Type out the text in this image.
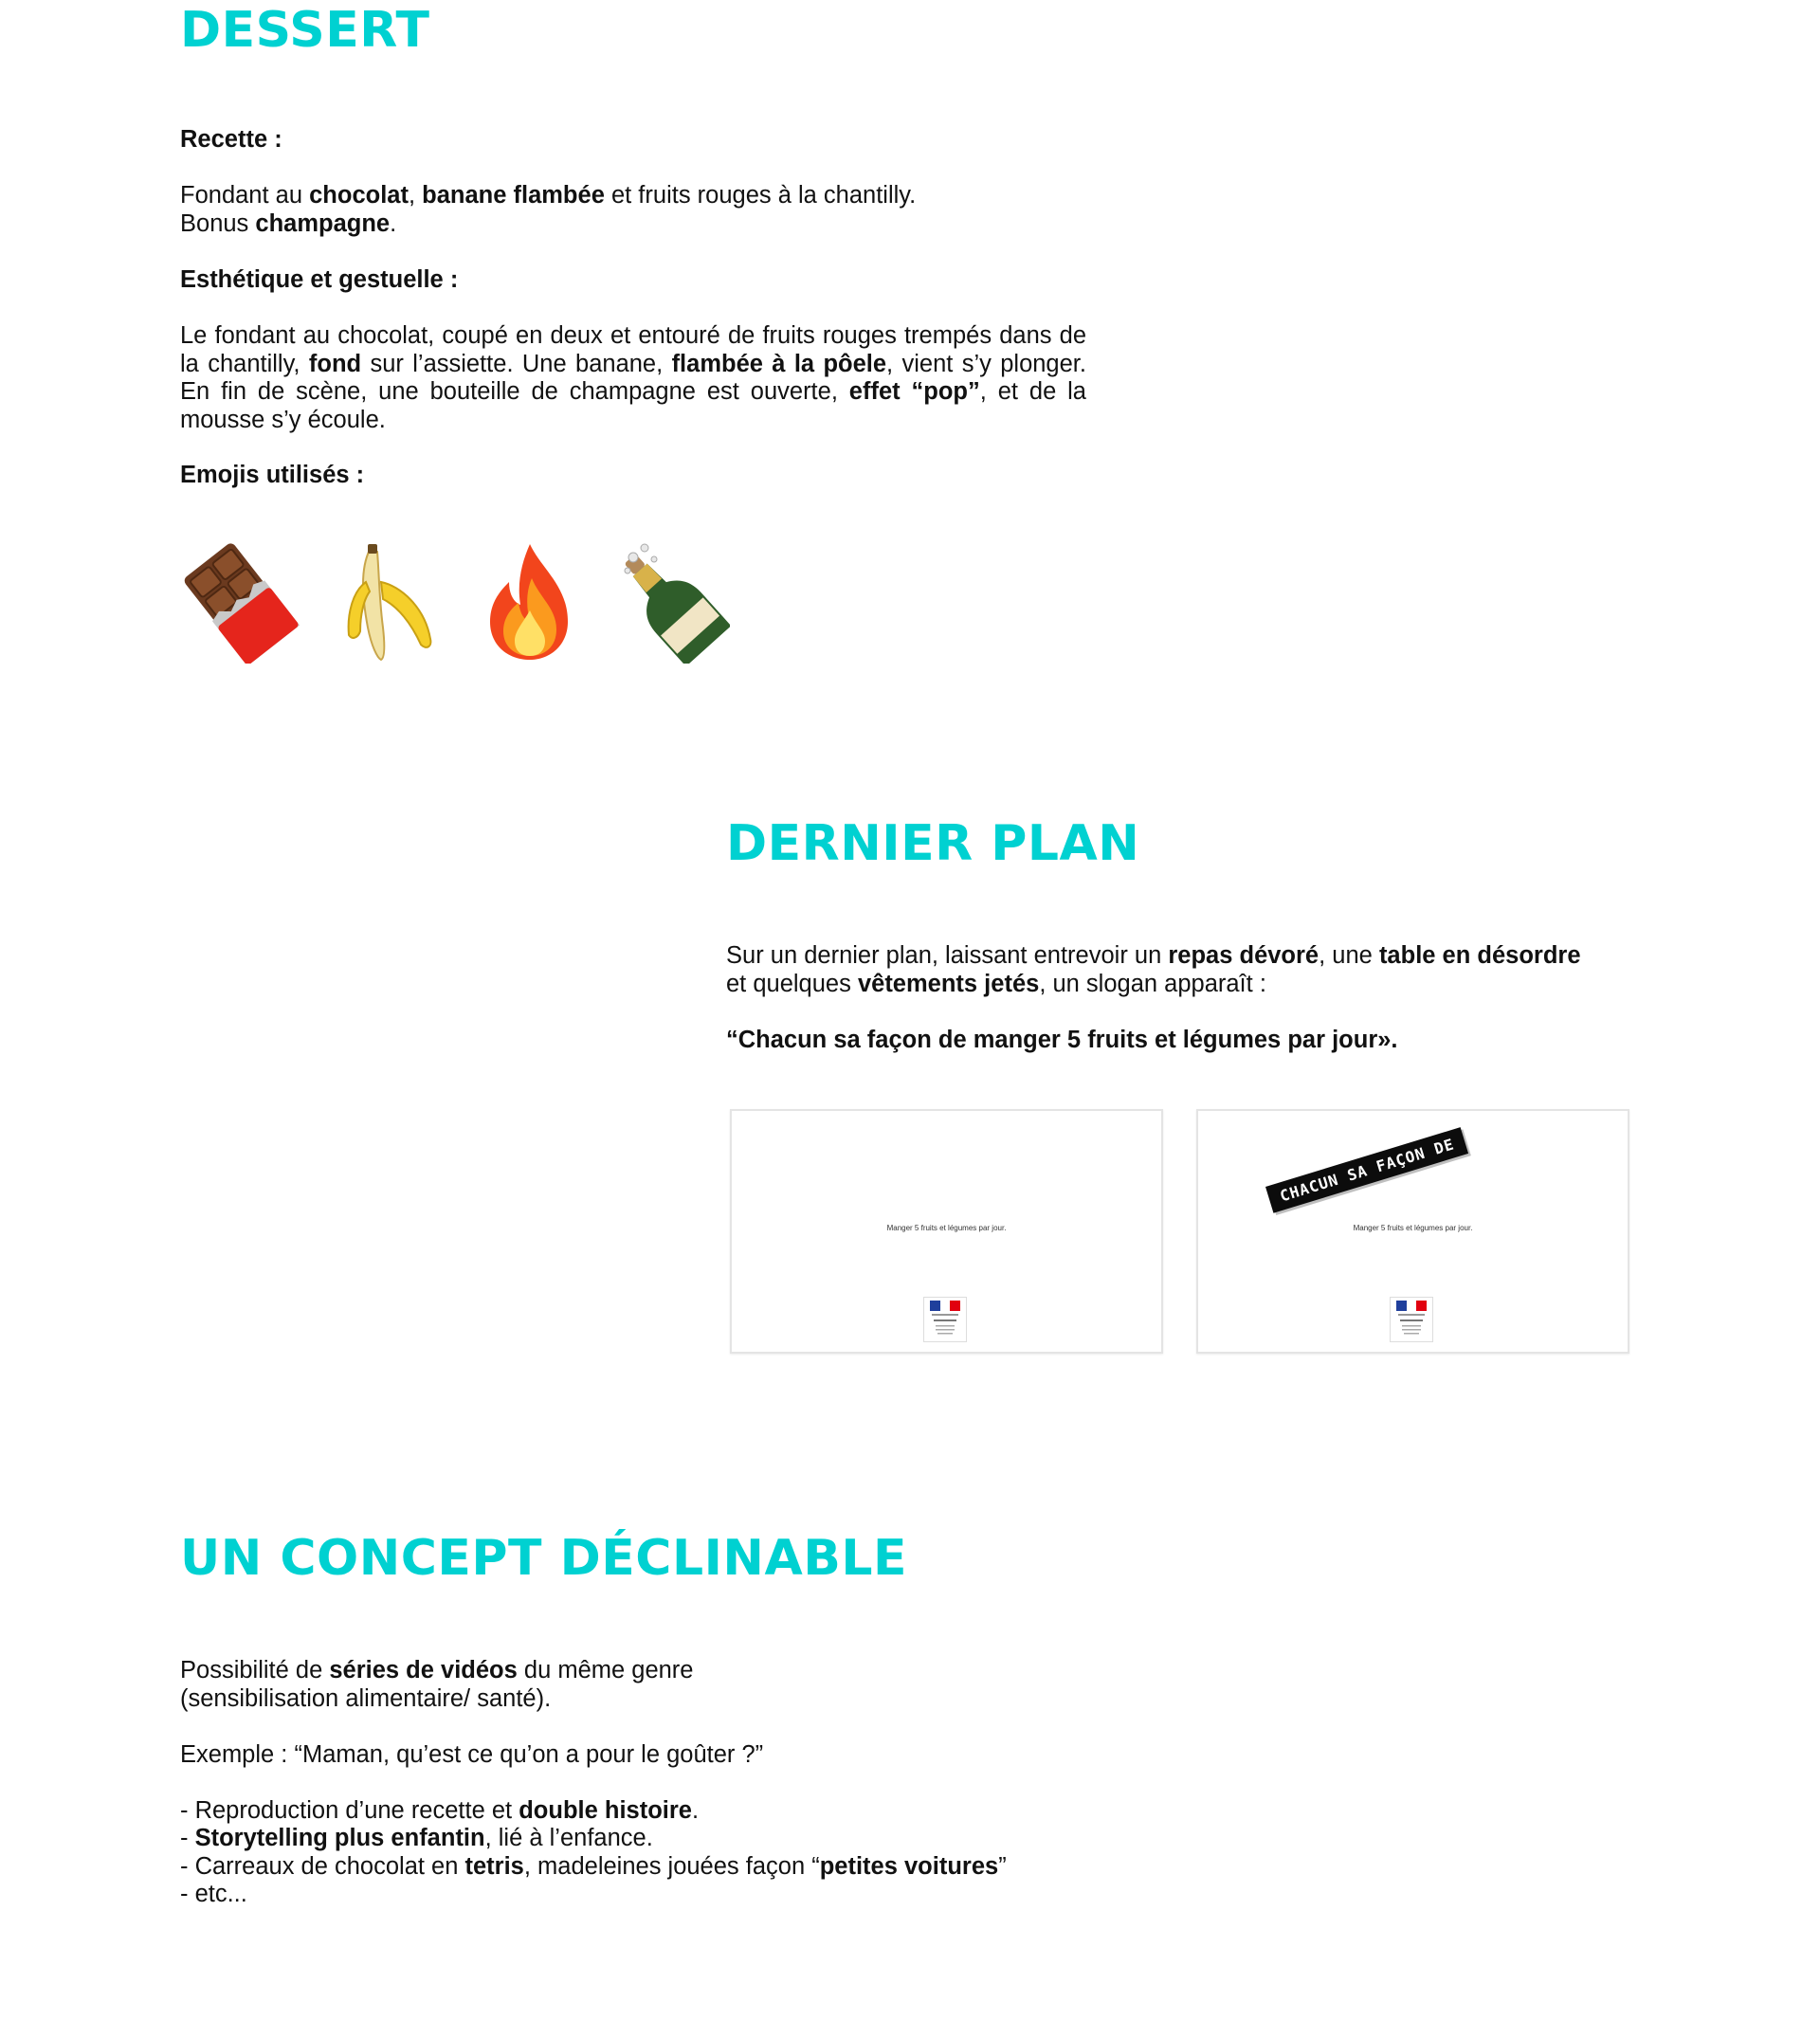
DESSERT

Recette :

Fondant au chocolat, banane flambée et fruits rouges à la chantilly.
Bonus champagne.

Esthétique et gestuelle :

Le fondant au chocolat, coupé en deux et entouré de fruits rouges trempés dans de la chantilly, fond sur l’assiette. Une banane, flambée à la pôele, vient s’y plonger. En fin de scène, une bouteille de champagne est ouverte, effet “pop”, et de la mousse s’y écoule.
Emojis utilisés :
DERNIER PLAN

Sur un dernier plan, laissant entrevoir un repas dévoré, une table en désordre
et quelques vêtements jetés, un slogan apparaît :

“Chacun sa façon de manger 5 fruits et légumes par jour».

Manger 5 fruits et légumes par jour.
CHACUN SA FAÇON DE
Manger 5 fruits et légumes par jour.
UN CONCEPT DÉCLINABLE

Possibilité de séries de vidéos du même genre
(sensibilisation alimentaire/ santé).

Exemple : “Maman, qu’est ce qu’on a pour le goûter ?”

- Reproduction d’une recette et double histoire.
- Storytelling plus enfantin, lié à l’enfance.
- Carreaux de chocolat en tetris, madeleines jouées façon “petites voitures”
- etc...
